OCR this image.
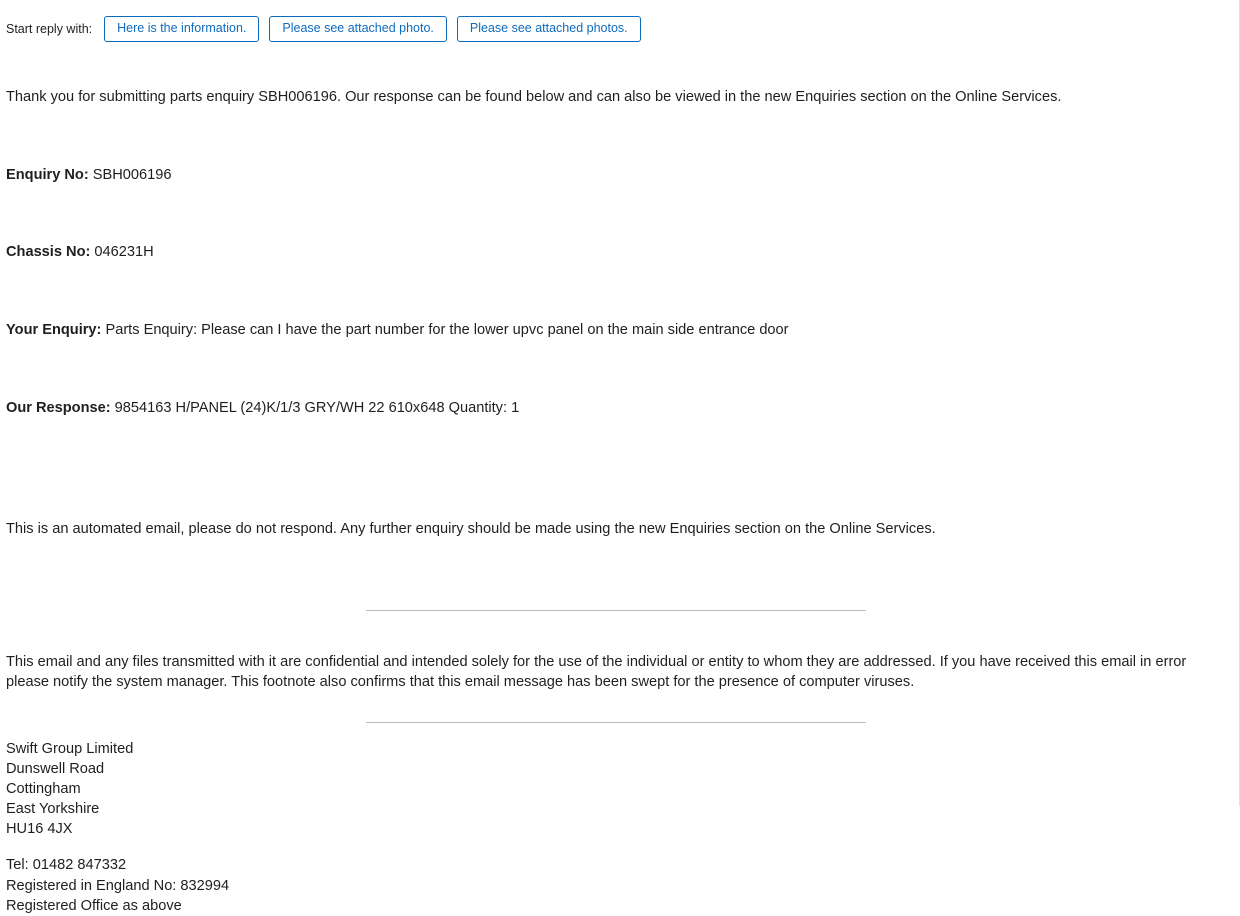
Start reply with:	Here is the information.	Please see attached photo.	Please see attached photos.

Thank you for submitting parts enquiry SBH006196. Our response can be found below and can also be viewed in the new Enquiries section on the Online Services.

Enquiry No: SBH006196

Chassis No: 046231H

Your Enquiry: Parts Enquiry: Please can I have the part number for the lower upvc panel on the main side entrance door

Our Response: 9854163 H/PANEL (24)K/1/3 GRY/WH 22 610x648 Quantity: 1

This is an automated email, please do not respond. Any further enquiry should be made using the new Enquiries section on the Online Services.

This email and any files transmitted with it are confidential and intended solely for the use of the individual or entity to whom they are addressed. If you have received this email in error please notify the system manager. This footnote also confirms that this email message has been swept for the presence of computer viruses.

Swift Group Limited
Dunswell Road
Cottingham
East Yorkshire
HU16 4JX
Tel: 01482 847332
Registered in England No: 832994
Registered Office as above
